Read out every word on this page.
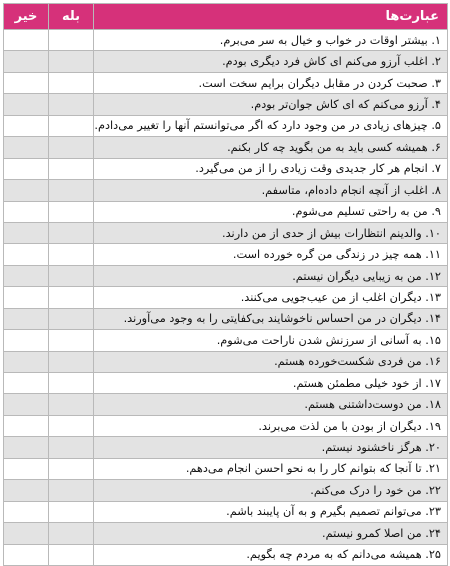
عبارت‌ها	بله	خیر
۱. بیشتر اوقات در خواب و خیال به سر می‌برم.		
۲. اغلب آرزو می‌کنم ای کاش فرد دیگری بودم.		
۳. صحبت کردن در مقابل دیگران برایم سخت است.		
۴. آرزو می‌کنم که ای کاش جوان‌تر بودم.		
۵. چیزهای زیادی در من وجود دارد که اگر می‌توانستم آنها را تغییر می‌دادم.		
۶. همیشه کسی باید به من بگوید چه کار بکنم.		
۷. انجام هر کار جدیدی وقت زیادی را از من می‌گیرد.		
۸. اغلب از آنچه انجام داده‌ام، متاسفم.		
۹. من به راحتی تسلیم می‌شوم.		
۱۰. والدینم انتظارات بیش از حدی از من دارند.		
۱۱. همه چیز در زندگی من گره خورده است.		
۱۲. من به زیبایی دیگران نیستم.		
۱۳. دیگران اغلب از من عیب‌جویی می‌کنند.		
۱۴. دیگران در من احساس ناخوشایند بی‌کفایتی را به وجود می‌آورند.		
۱۵. به آسانی از سرزنش شدن ناراحت می‌شوم.		
۱۶. من فردی شکست‌خورده هستم.		
۱۷. از خود خیلی مطمئن هستم.		
۱۸. من دوست‌داشتنی هستم.		
۱۹. دیگران از بودن با من لذت می‌برند.		
۲۰. هرگز ناخشنود نیستم.		
۲۱. تا آنجا که بتوانم کار را به نحو احسن انجام می‌دهم.		
۲۲. من خود را درک می‌کنم.		
۲۳. می‌توانم تصمیم بگیرم و به آن پایبند باشم.		
۲۴. من اصلا کمرو نیستم.		
۲۵. همیشه می‌دانم که به مردم چه بگویم.		
